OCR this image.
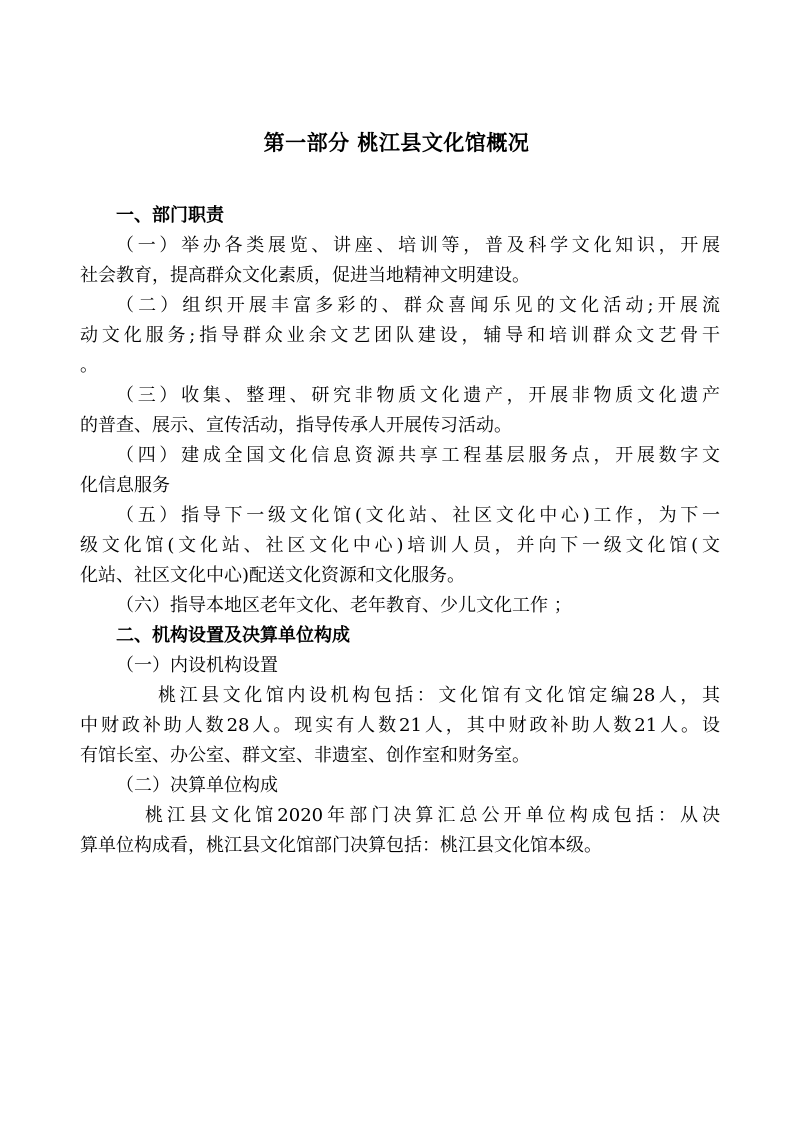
第一部分 桃江县文化馆概况
一、部门职责
（一）举办各类展览、讲座、培训等，普及科学文化知识，开展
社会教育，提高群众文化素质，促进当地精神文明建设。
（二）组织开展丰富多彩的、群众喜闻乐见的文化活动;开展流
动文化服务;指导群众业余文艺团队建设，辅导和培训群众文艺骨干
。
（三）收集、整理、研究非物质文化遗产，开展非物质文化遗产
的普查、展示、宣传活动，指导传承人开展传习活动。
（四）建成全国文化信息资源共享工程基层服务点，开展数字文
化信息服务
（五）指导下一级文化馆(文化站、社区文化中心)工作，为下一
级文化馆(文化站、社区文化中心)培训人员，并向下一级文化馆(文
化站、社区文化中心)配送文化资源和文化服务。
（六）指导本地区老年文化、老年教育、少儿文化工作 ；
二、机构设置及决算单位构成
（一）内设机构设置
桃江县文化馆内设机构包括：文化馆有文化馆定编28人，其
中财政补助人数28人。现实有人数21人，其中财政补助人数21人。设
有馆长室、办公室、群文室、非遗室、创作室和财务室。
（二）决算单位构成
桃江县文化馆2020年部门决算汇总公开单位构成包括：从决
算单位构成看，桃江县文化馆部门决算包括：桃江县文化馆本级。
